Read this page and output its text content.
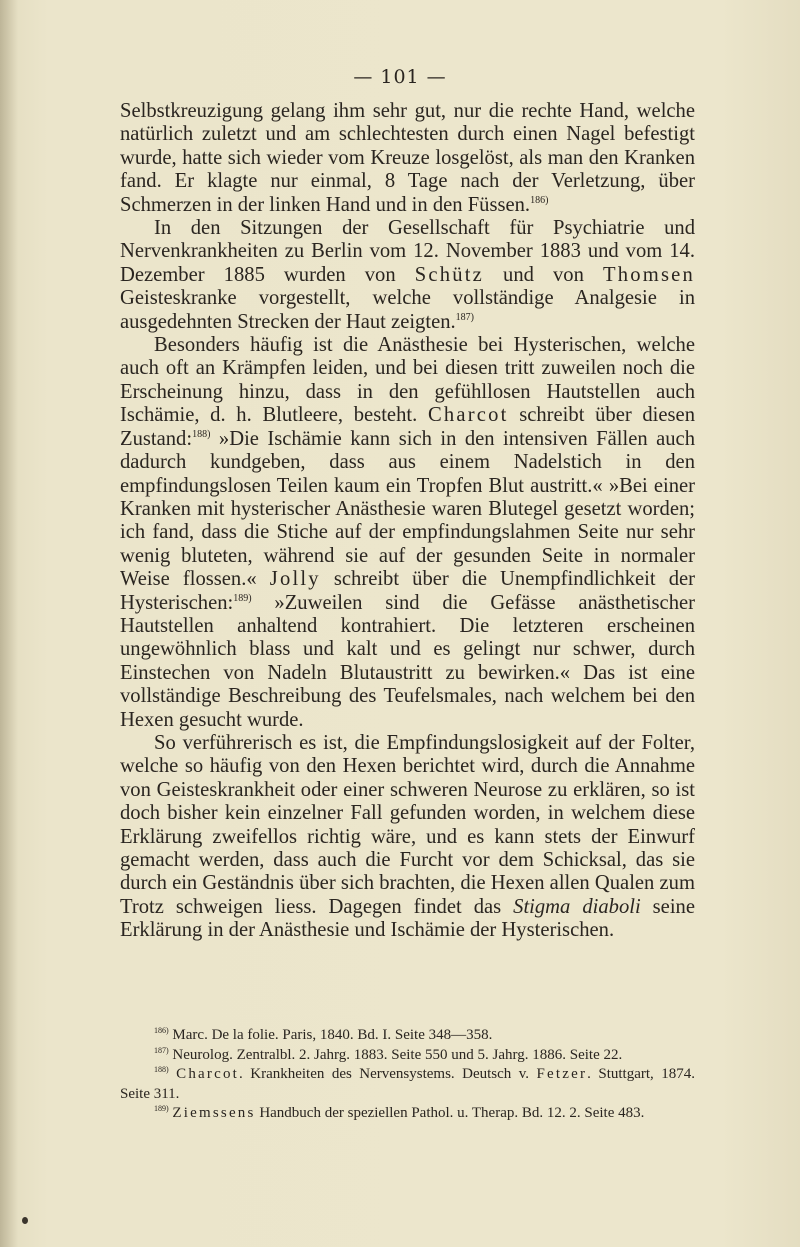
— 101 —

Selbstkreuzigung gelang ihm sehr gut, nur die rechte Hand, welche natürlich zuletzt und am schlechtesten durch einen Nagel befestigt wurde, hatte sich wieder vom Kreuze losgelöst, als man den Kranken fand. Er klagte nur einmal, 8 Tage nach der Verletzung, über Schmerzen in der linken Hand und in den Füssen.$^{186)}$

In den Sitzungen der Gesellschaft für Psychiatrie und Nervenkrankheiten zu Berlin vom 12. November 1883 und vom 14. Dezember 1885 wurden von Schütz und von Thomsen Geisteskranke vorgestellt, welche vollständige Analgesie in ausgedehnten Strecken der Haut zeigten.$^{187)}$

Besonders häufig ist die Anästhesie bei Hysterischen, welche auch oft an Krämpfen leiden, und bei diesen tritt zuweilen noch die Erscheinung hinzu, dass in den gefühllosen Hautstellen auch Ischämie, d. h. Blutleere, besteht. Charcot schreibt über diesen Zustand:$^{188)}$ »Die Ischämie kann sich in den intensiven Fällen auch dadurch kundgeben, dass aus einem Nadelstich in den empfindungslosen Teilen kaum ein Tropfen Blut austritt.« »Bei einer Kranken mit hysterischer Anästhesie waren Blutegel gesetzt worden; ich fand, dass die Stiche auf der empfindungslahmen Seite nur sehr wenig bluteten, während sie auf der gesunden Seite in normaler Weise flossen.« Jolly schreibt über die Unempfindlichkeit der Hysterischen:$^{189)}$ »Zuweilen sind die Gefässe anästhetischer Hautstellen anhaltend kontrahiert. Die letzteren erscheinen ungewöhnlich blass und kalt und es gelingt nur schwer, durch Einstechen von Nadeln Blutaustritt zu bewirken.« Das ist eine vollständige Beschreibung des Teufelsmales, nach welchem bei den Hexen gesucht wurde.

So verführerisch es ist, die Empfindungslosigkeit auf der Folter, welche so häufig von den Hexen berichtet wird, durch die Annahme von Geisteskrankheit oder einer schweren Neurose zu erklären, so ist doch bisher kein einzelner Fall gefunden worden, in welchem diese Erklärung zweifellos richtig wäre, und es kann stets der Einwurf gemacht werden, dass auch die Furcht vor dem Schicksal, das sie durch ein Geständnis über sich brachten, die Hexen allen Qualen zum Trotz schweigen liess. Dagegen findet das Stigma diaboli seine Erklärung in der Anästhesie und Ischämie der Hysterischen.

$^{186)}$ Marc. De la folie. Paris, 1840. Bd. I. Seite 348—358.

$^{187)}$ Neurolog. Zentralbl. 2. Jahrg. 1883. Seite 550 und 5. Jahrg. 1886. Seite 22.

$^{188)}$ Charcot. Krankheiten des Nervensystems. Deutsch v. Fetzer. Stuttgart, 1874. Seite 311.

$^{189)}$ Ziemssens Handbuch der speziellen Pathol. u. Therap. Bd. 12. 2. Seite 483.
